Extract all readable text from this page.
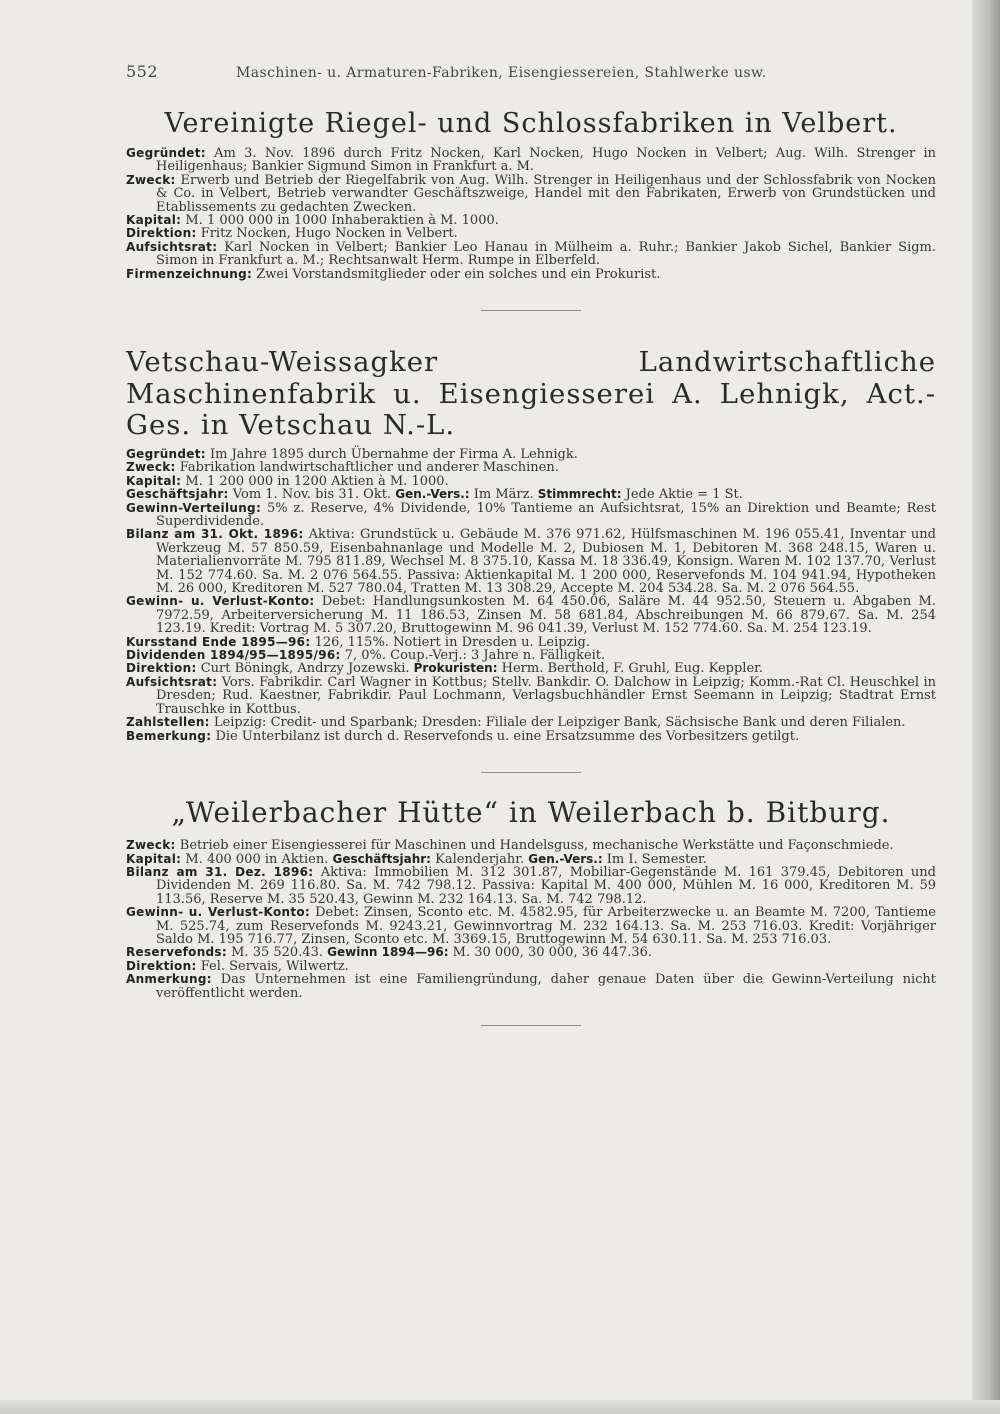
552	Maschinen- u. Armaturen-Fabriken, Eisengiessereien, Stahlwerke usw.
Vereinigte Riegel- und Schlossfabriken in Velbert.

Gegründet: Am 3. Nov. 1896 durch Fritz Nocken, Karl Nocken, Hugo Nocken in Velbert; Aug. Wilh. Strenger in Heiligenhaus; Bankier Sigmund Simon in Frankfurt a. M.

Zweck: Erwerb und Betrieb der Riegelfabrik von Aug. Wilh. Strenger in Heiligenhaus und der Schlossfabrik von Nocken & Co. in Velbert, Betrieb verwandter Geschäftszweige, Handel mit den Fabrikaten, Erwerb von Grundstücken und Etablissements zu gedachten Zwecken.

Kapital: M. 1 000 000 in 1000 Inhaberaktien à M. 1000.

Direktion: Fritz Nocken, Hugo Nocken in Velbert.

Aufsichtsrat: Karl Nocken in Velbert; Bankier Leo Hanau in Mülheim a. Ruhr.; Bankier Jakob Sichel, Bankier Sigm. Simon in Frankfurt a. M.; Rechtsanwalt Herm. Rumpe in Elberfeld.

Firmenzeichnung: Zwei Vorstandsmitglieder oder ein solches und ein Prokurist.

Vetschau-Weissagker Landwirtschaftliche Maschinenfabrik u. Eisengiesserei A. Lehnigk, Act.-Ges. in Vetschau N.-L.

Gegründet: Im Jahre 1895 durch Übernahme der Firma A. Lehnigk.

Zweck: Fabrikation landwirtschaftlicher und anderer Maschinen.

Kapital: M. 1 200 000 in 1200 Aktien à M. 1000.

Geschäftsjahr: Vom 1. Nov. bis 31. Okt. Gen.-Vers.: Im März. Stimmrecht: Jede Aktie = 1 St.

Gewinn-Verteilung: 5% z. Reserve, 4% Dividende, 10% Tantieme an Aufsichtsrat, 15% an Direktion und Beamte; Rest Superdividende.

Bilanz am 31. Okt. 1896: Aktiva: Grundstück u. Gebäude M. 376 971.62, Hülfsmaschinen M. 196 055.41, Inventar und Werkzeug M. 57 850.59, Eisenbahnanlage und Modelle M. 2, Dubiosen M. 1, Debitoren M. 368 248.15, Waren u. Materialienvorräte M. 795 811.89, Wechsel M. 8 375.10, Kassa M. 18 336.49, Konsign. Waren M. 102 137.70, Verlust M. 152 774.60. Sa. M. 2 076 564.55. Passiva: Aktienkapital M. 1 200 000, Reservefonds M. 104 941.94, Hypotheken M. 26 000, Kreditoren M. 527 780.04, Tratten M. 13 308.29, Accepte M. 204 534.28. Sa. M. 2 076 564.55.

Gewinn- u. Verlust-Konto: Debet: Handlungsunkosten M. 64 450.06, Saläre M. 44 952.50, Steuern u. Abgaben M. 7972.59, Arbeiterversicherung M. 11 186.53, Zinsen M. 58 681.84, Abschreibungen M. 66 879.67. Sa. M. 254 123.19. Kredit: Vortrag M. 5 307.20, Bruttogewinn M. 96 041.39, Verlust M. 152 774.60. Sa. M. 254 123.19.

Kursstand Ende 1895—96: 126, 115%. Notiert in Dresden u. Leipzig.

Dividenden 1894/95—1895/96: 7, 0%. Coup.-Verj.: 3 Jahre n. Fälligkeit.

Direktion: Curt Böningk, Andrzy Jozewski. Prokuristen: Herm. Berthold, F. Gruhl, Eug. Keppler.

Aufsichtsrat: Vors. Fabrikdir. Carl Wagner in Kottbus; Stellv. Bankdir. O. Dalchow in Leipzig; Komm.-Rat Cl. Heuschkel in Dresden; Rud. Kaestner, Fabrikdir. Paul Lochmann, Verlagsbuchhändler Ernst Seemann in Leipzig; Stadtrat Ernst Trauschke in Kottbus.

Zahlstellen: Leipzig: Credit- und Sparbank; Dresden: Filiale der Leipziger Bank, Sächsische Bank und deren Filialen.

Bemerkung: Die Unterbilanz ist durch d. Reservefonds u. eine Ersatzsumme des Vorbesitzers getilgt.

„Weilerbacher Hütte“ in Weilerbach b. Bitburg.

Zweck: Betrieb einer Eisengiesserei für Maschinen und Handelsguss, mechanische Werkstätte und Façonschmiede.

Kapital: M. 400 000 in Aktien. Geschäftsjahr: Kalenderjahr. Gen.-Vers.: Im I. Semester.

Bilanz am 31. Dez. 1896: Aktiva: Immobilien M. 312 301.87, Mobiliar-Gegenstände M. 161 379.45, Debitoren und Dividenden M. 269 116.80. Sa. M. 742 798.12. Passiva: Kapital M. 400 000, Mühlen M. 16 000, Kreditoren M. 59 113.56, Reserve M. 35 520.43, Gewinn M. 232 164.13. Sa. M. 742 798.12.

Gewinn- u. Verlust-Konto: Debet: Zinsen, Sconto etc. M. 4582.95, für Arbeiterzwecke u. an Beamte M. 7200, Tantieme M. 525.74, zum Reservefonds M. 9243.21, Gewinnvortrag M. 232 164.13. Sa. M. 253 716.03. Kredit: Vorjähriger Saldo M. 195 716.77, Zinsen, Sconto etc. M. 3369.15, Bruttogewinn M. 54 630.11. Sa. M. 253 716.03.

Reservefonds: M. 35 520.43. Gewinn 1894—96: M. 30 000, 30 000, 36 447.36.

Direktion: Fel. Servais, Wilwertz.

Anmerkung: Das Unternehmen ist eine Familiengründung, daher genaue Daten über die Gewinn-Verteilung nicht veröffentlicht werden.
